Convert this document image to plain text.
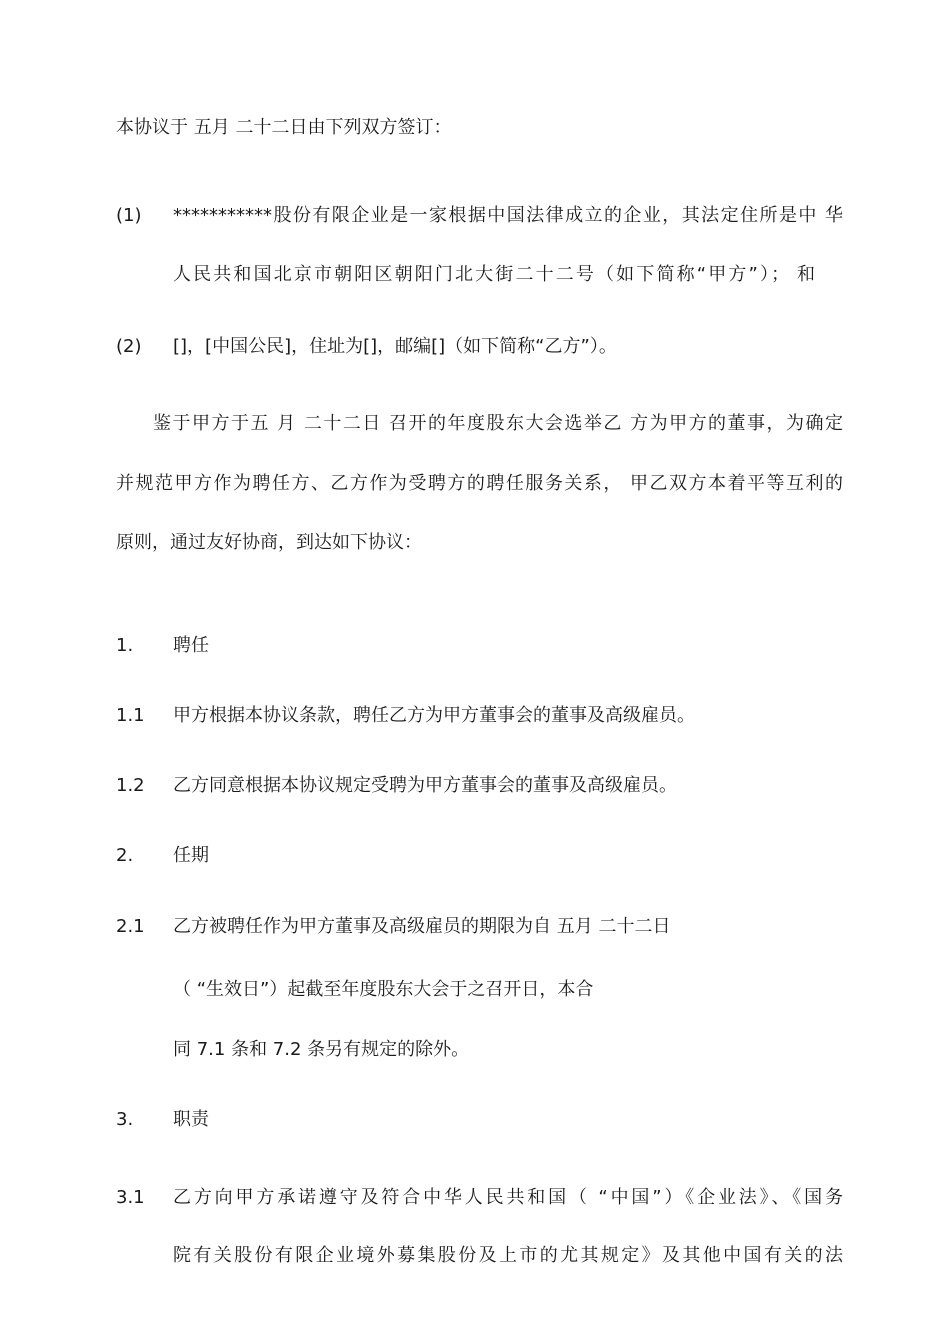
本协议于 五月 二十二日由下列双方签订：
(1) ***********股份有限企业是一家根据中国法律成立的企业，其法定住所是中 华
人民共和国北京市朝阳区朝阳门北大街二十二号（如下简称“甲方”）； 和
(2) []，[中国公民]，住址为[]，邮编[]（如下简称“乙方”）。
鉴于甲方于五 月 二十二日 召开的年度股东大会选举乙 方为甲方的董事，为确定
并规范甲方作为聘任方、乙方作为受聘方的聘任服务关系， 甲乙双方本着平等互利的
原则，通过友好协商，到达如下协议：
1. 聘任
1.1 甲方根据本协议条款，聘任乙方为甲方董事会的董事及高级雇员。
1.2 乙方同意根据本协议规定受聘为甲方董事会的董事及高级雇员。
2. 任期
2.1 乙方被聘任作为甲方董事及高级雇员的期限为自 五月 二十二日
（ “生效日”）起截至年度股东大会于之召开日，本合
同 7.1 条和 7.2 条另有规定的除外。
3. 职责
3.1 乙方向甲方承诺遵守及符合中华人民共和国（ “中国”）《企业法》、《国务
院有关股份有限企业境外募集股份及上市的尤其规定》及其他中国有关的法
